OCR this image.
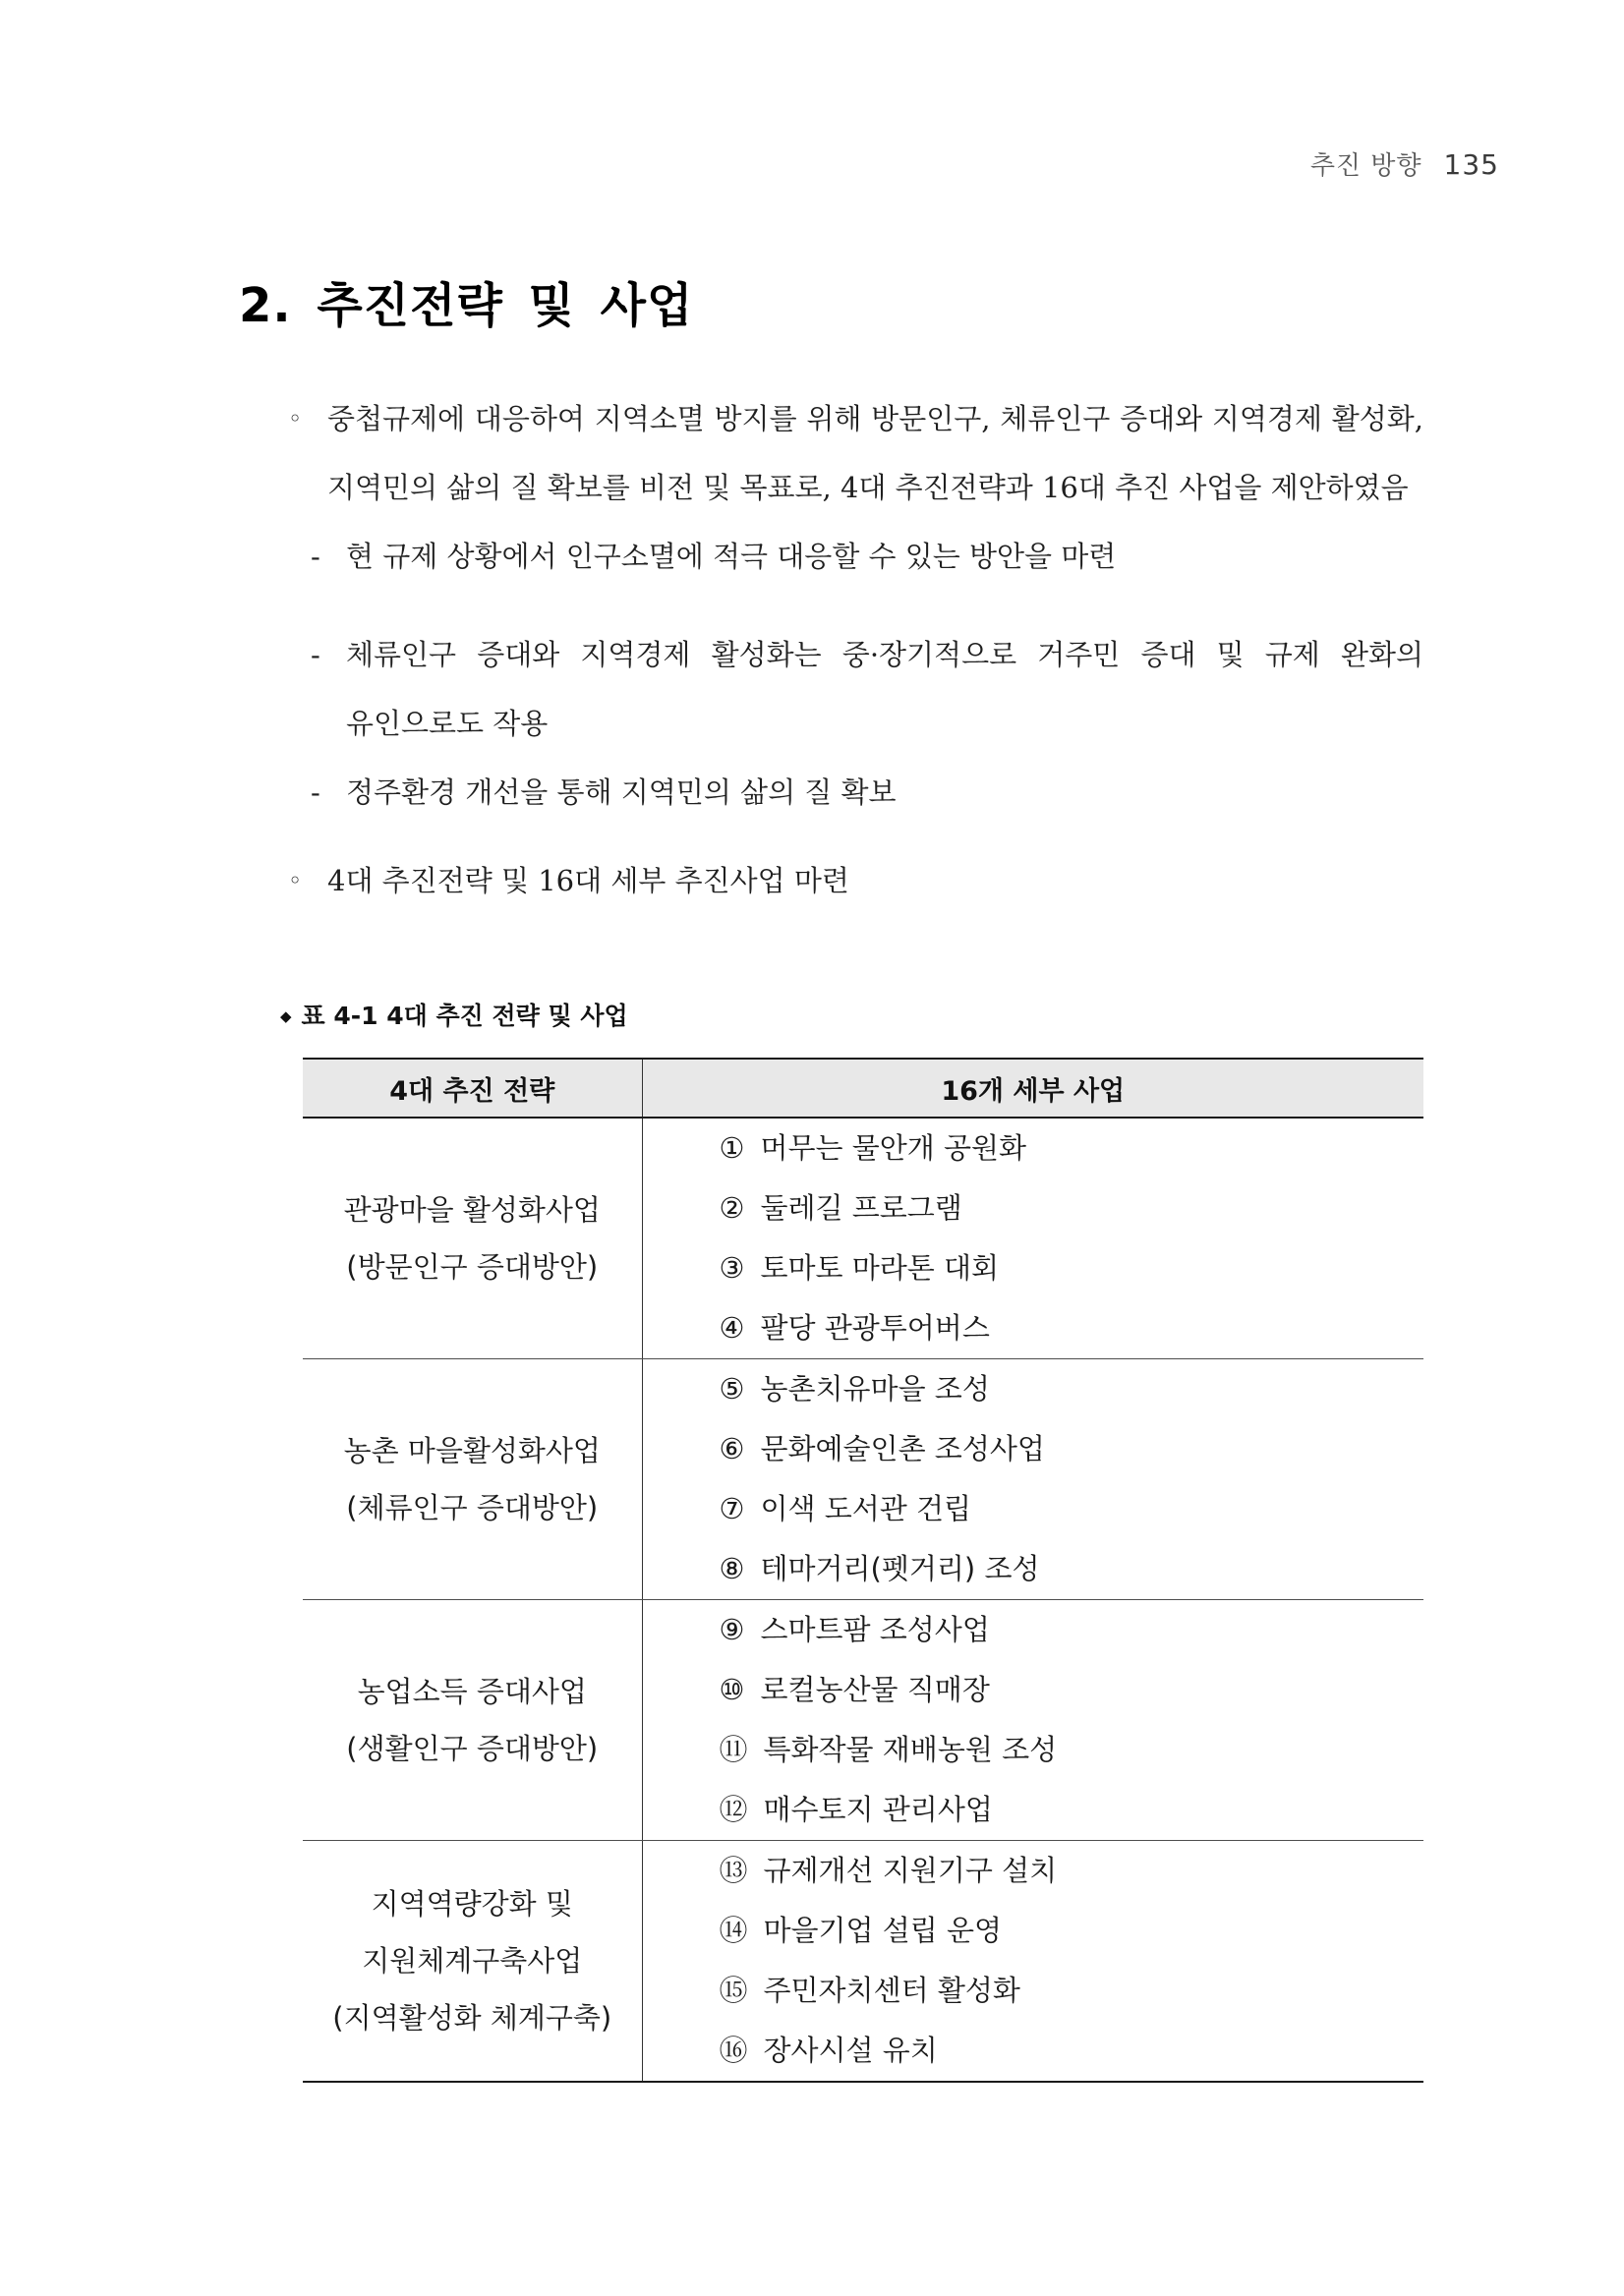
추진 방향 135
2. 추진전략 및 사업
◦ 중첩규제에 대응하여 지역소멸 방지를 위해 방문인구, 체류인구 증대와 지역경제 활성화, 지역민의 삶의 질 확보를 비전 및 목표로, 4대 추진전략과 16대 추진 사업을 제안하였음
- 현 규제 상황에서 인구소멸에 적극 대응할 수 있는 방안을 마련
- 체류인구 증대와 지역경제 활성화는 중·장기적으로 거주민 증대 및 규제 완화의 유인으로도 작용
- 정주환경 개선을 통해 지역민의 삶의 질 확보
◦ 4대 추진전략 및 16대 세부 추진사업 마련
◆ 표 4-1 4대 추진 전략 및 사업
4대 추진 전략	16개 세부 사업

관광마을 활성화사업
(방문인구 증대방안)

① 머무는 물안개 공원화
② 둘레길 프로그램
③ 토마토 마라톤 대회
④ 팔당 관광투어버스

농촌 마을활성화사업
(체류인구 증대방안)

⑤ 농촌치유마을 조성
⑥ 문화예술인촌 조성사업
⑦ 이색 도서관 건립
⑧ 테마거리(펫거리) 조성

농업소득 증대사업
(생활인구 증대방안)

⑨ 스마트팜 조성사업
⑩ 로컬농산물 직매장
⑪ 특화작물 재배농원 조성
⑫ 매수토지 관리사업

지역역량강화 및
지원체계구축사업
(지역활성화 체계구축)

⑬ 규제개선 지원기구 설치
⑭ 마을기업 설립 운영
⑮ 주민자치센터 활성화
⑯ 장사시설 유치
